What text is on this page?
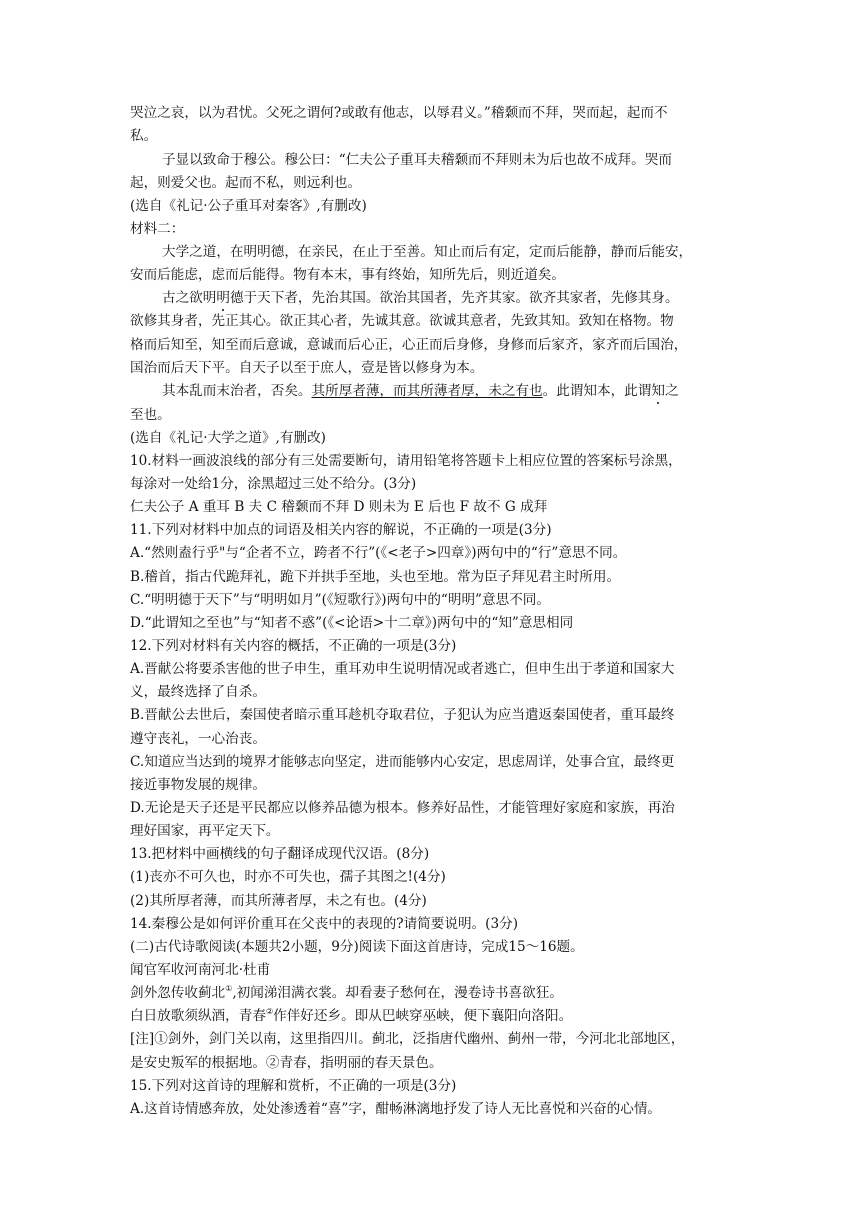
哭泣之哀，以为君忧。父死之谓何?或敢有他志，以辱君义。”稽颡而不拜，哭而起，起而不
私。
子显以致命于穆公。穆公曰：“仁夫公子重耳夫稽颡而不拜则未为后也故不成拜。哭而
起，则爱父也。起而不私，则远利也。
(选自《礼记·公子重耳对秦客》,有删改)
材料二：
大学之道，在明明德，在亲民，在止于至善。知止而后有定，定而后能静，静而后能安，
安而后能虑，虑而后能得。物有本末，事有终始，知所先后，则近道矣。
古之欲明明德于天下者，先治其国。欲治其国者，先齐其家。欲齐其家者，先修其身。
欲修其身者，先正其心。欲正其心者，先诚其意。欲诚其意者，先致其知。致知在格物。物
格而后知至，知至而后意诚，意诚而后心正，心正而后身修，身修而后家齐，家齐而后国治，
国治而后天下平。自天子以至于庶人，壹是皆以修身为本。
其本乱而末治者，否矣。其所厚者薄，而其所薄者厚，未之有也。此谓知本，此谓知之
至也。
(选自《礼记·大学之道》,有删改)
10.材料一画波浪线的部分有三处需要断句，请用铅笔将答题卡上相应位置的答案标号涂黑，
每涂对一处给1分，涂黑超过三处不给分。(3分)
仁夫公子 A 重耳 B 夫 C 稽颡而不拜 D 则未为 E 后也 F 故不 G 成拜
11.下列对材料中加点的词语及相关内容的解说，不正确的一项是(3分)
A.“然则盍行乎"与“企者不立，跨者不行”(《<老子>四章》)两句中的“行”意思不同。
B.稽首，指古代跪拜礼，跪下并拱手至地，头也至地。常为臣子拜见君主时所用。
C.“明明德于天下”与“明明如月”(《短歌行》)两句中的“明明”意思不同。
D.“此谓知之至也”与“知者不惑”(《<论语>十二章》)两句中的“知”意思相同
12.下列对材料有关内容的概括，不正确的一项是(3分)
A.晋献公将要杀害他的世子申生，重耳劝申生说明情况或者逃亡，但申生出于孝道和国家大
义，最终选择了自杀。
B.晋献公去世后，秦国使者暗示重耳趁机夺取君位，子犯认为应当遣返秦国使者，重耳最终
遵守丧礼，一心治丧。
C.知道应当达到的境界才能够志向坚定，进而能够内心安定，思虑周详，处事合宜，最终更
接近事物发展的规律。
D.无论是天子还是平民都应以修养品德为根本。修养好品性，才能管理好家庭和家族，再治
理好国家，再平定天下。
13.把材料中画横线的句子翻译成现代汉语。(8分)
(1)丧亦不可久也，时亦不可失也，孺子其图之!(4分)
(2)其所厚者薄，而其所薄者厚，未之有也。(4分)
14.秦穆公是如何评价重耳在父丧中的表现的?请简要说明。(3分)
(二)古代诗歌阅读(本题共2小题，9分)阅读下面这首唐诗，完成15～16题。
闻官军收河南河北·杜甫
剑外忽传收蓟北①,初闻涕泪满衣裳。却看妻子愁何在，漫卷诗书喜欲狂。
白日放歌须纵酒，青春②作伴好还乡。即从巴峡穿巫峡，便下襄阳向洛阳。
[注]①剑外，剑门关以南，这里指四川。蓟北，泛指唐代幽州、蓟州一带，今河北北部地区，
是安史叛军的根据地。②青春，指明丽的春天景色。
15.下列对这首诗的理解和赏析，不正确的一项是(3分)
A.这首诗情感奔放，处处渗透着“喜”字，酣畅淋漓地抒发了诗人无比喜悦和兴奋的心情。
